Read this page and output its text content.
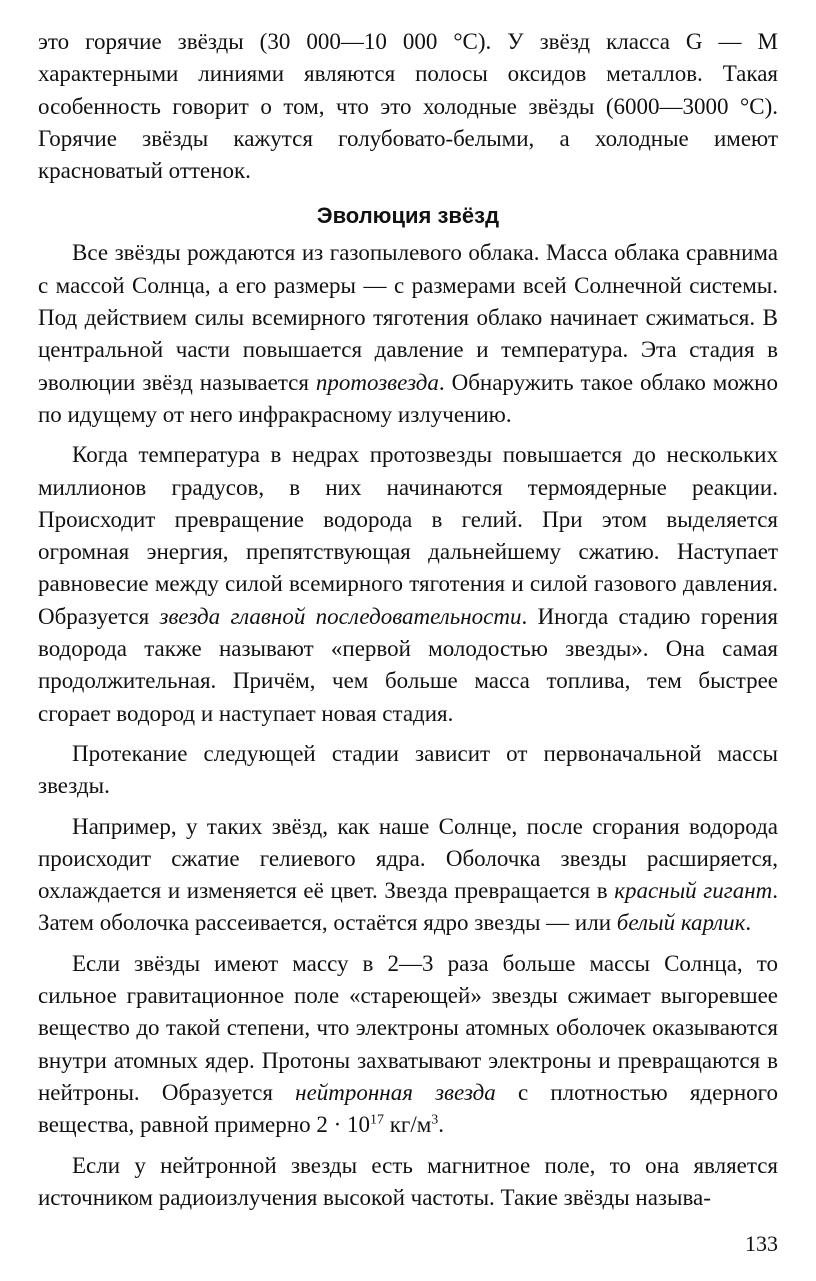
это горячие звёзды (30 000—10 000 °С). У звёзд класса G — М характерными линиями являются полосы оксидов металлов. Такая особенность говорит о том, что это холодные звёзды (6000—3000 °С). Горячие звёзды кажутся голубовато-белыми, а холодные имеют красноватый оттенок.

Эволюция звёзд

Все звёзды рождаются из газопылевого облака. Масса облака сравнима с массой Солнца, а его размеры — с размерами всей Солнечной системы. Под действием силы всемирного тяготения облако начинает сжиматься. В центральной части повышается давление и температура. Эта стадия в эволюции звёзд называется протозвезда. Обнаружить такое облако можно по идущему от него инфракрасному излучению.

Когда температура в недрах протозвезды повышается до нескольких миллионов градусов, в них начинаются термоядерные реакции. Происходит превращение водорода в гелий. При этом выделяется огромная энергия, препятствующая дальнейшему сжатию. Наступает равновесие между силой всемирного тяготения и силой газового давления. Образуется звезда главной последовательности. Иногда стадию горения водорода также называют «первой молодостью звезды». Она самая продолжительная. Причём, чем больше масса топлива, тем быстрее сгорает водород и наступает новая стадия.

Протекание следующей стадии зависит от первоначальной массы звезды.

Например, у таких звёзд, как наше Солнце, после сгорания водорода происходит сжатие гелиевого ядра. Оболочка звезды расширяется, охлаждается и изменяется её цвет. Звезда превращается в красный гигант. Затем оболочка рассеивается, остаётся ядро звезды — или белый карлик.

Если звёзды имеют массу в 2—3 раза больше массы Солнца, то сильное гравитационное поле «стареющей» звезды сжимает выгоревшее вещество до такой степени, что электроны атомных оболочек оказываются внутри атомных ядер. Протоны захватывают электроны и превращаются в нейтроны. Образуется нейтронная звезда с плотностью ядерного вещества, равной примерно $2 \cdot 10^{17}$ $кг/м^3$.

Если у нейтронной звезды есть магнитное поле, то она является источником радиоизлучения высокой частоты. Такие звёзды называ-

133
